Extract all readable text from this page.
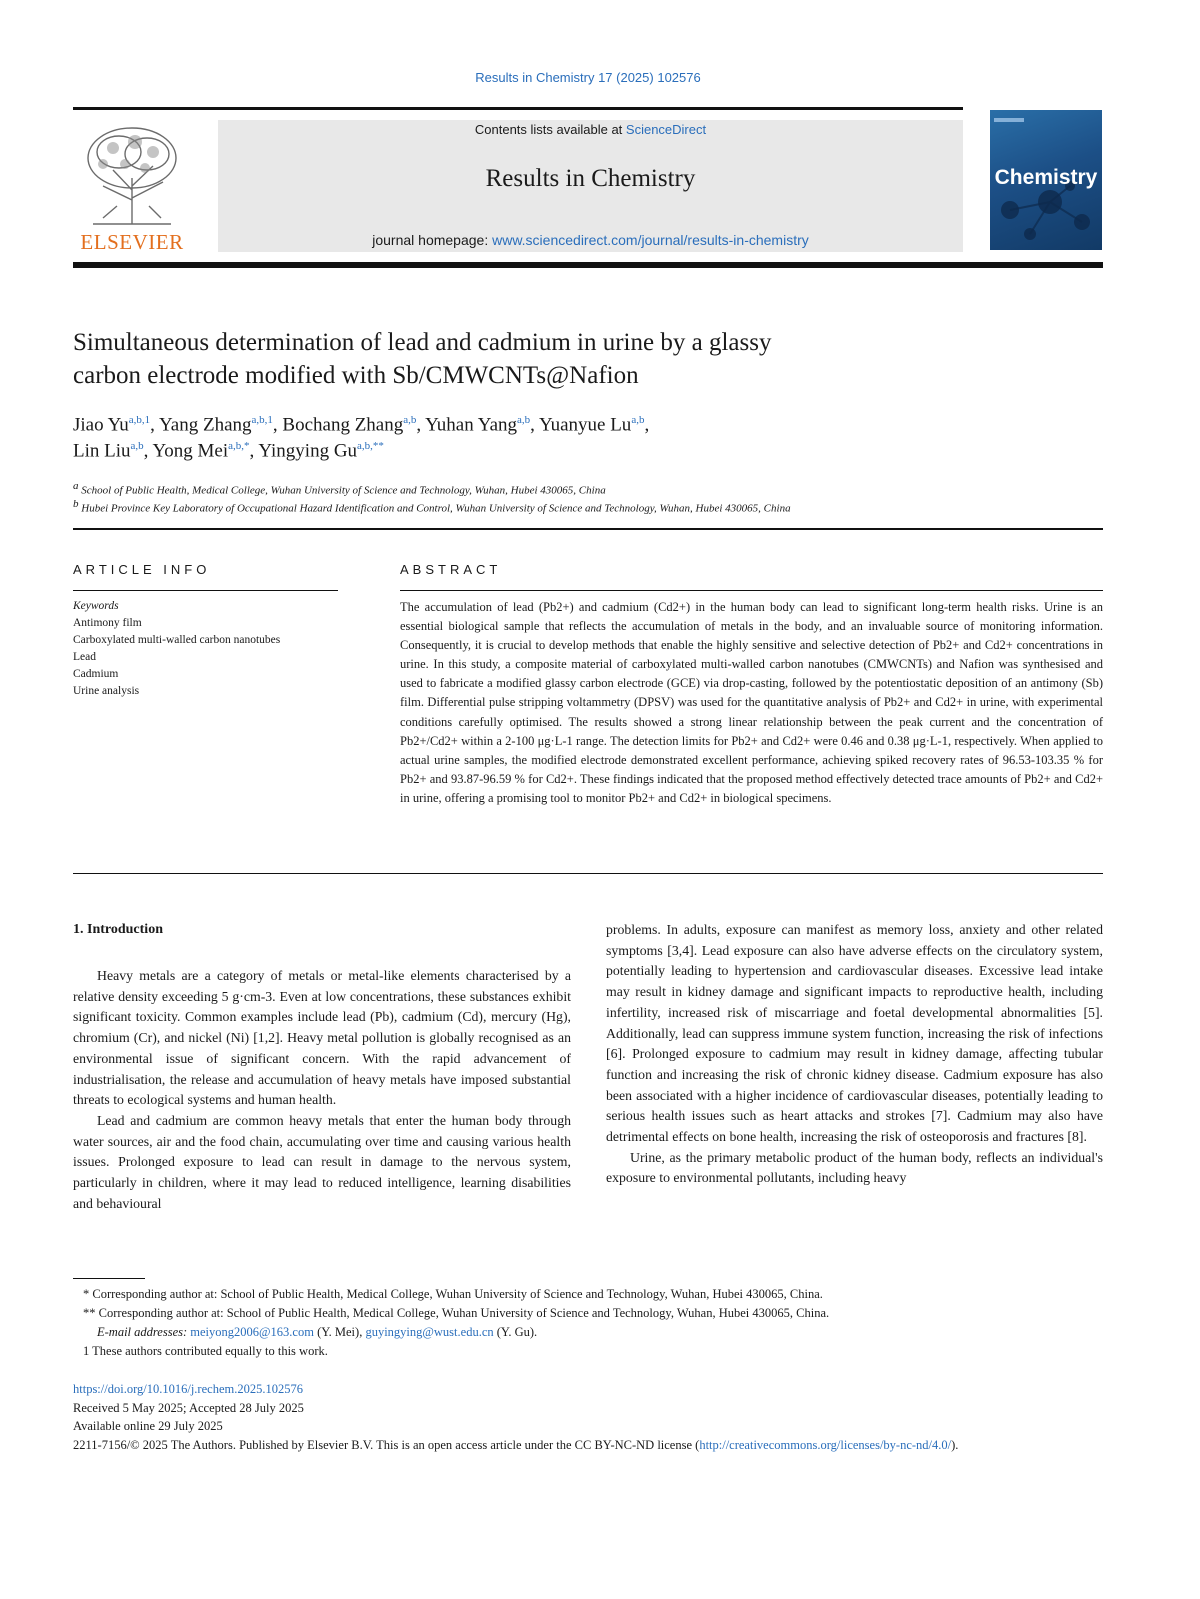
Results in Chemistry 17 (2025) 102576
ELSEVIER
Contents lists available at ScienceDirect
Results in Chemistry
journal homepage: www.sciencedirect.com/journal/results-in-chemistry
Chemistry
Simultaneous determination of lead and cadmium in urine by a glassy
carbon electrode modified with Sb/CMWCNTs@Nafion
Jiao Yu$^{a,b,1}$, Yang Zhang$^{a,b,1}$, Bochang Zhang$^{a,b}$, Yuhan Yang$^{a,b}$, Yuanyue Lu$^{a,b}$,
Lin Liu$^{a,b}$, Yong Mei$^{a,b,*}$, Yingying $Gu^{a,b,**}$
$^a$ School of Public Health, Medical College, Wuhan University of Science and Technology, Wuhan, Hubei 430065, China
$^b$ Hubei Province Key Laboratory of Occupational Hazard Identification and Control, Wuhan University of Science and Technology, Wuhan, Hubei 430065, China
ARTICLE INFO	ABSTRACT
Keywords
Antimony film
Carboxylated multi-walled carbon nanotubes
Lead
Cadmium
Urine analysis
The accumulation of lead (Pb2+) and cadmium (Cd2+) in the human body can lead to significant long-term health risks. Urine is an essential biological sample that reflects the accumulation of metals in the body, and an invaluable source of monitoring information. Consequently, it is crucial to develop methods that enable the highly sensitive and selective detection of Pb2+ and Cd2+ concentrations in urine. In this study, a composite material of carboxylated multi-walled carbon nanotubes (CMWCNTs) and Nafion was synthesised and used to fabricate a modified glassy carbon electrode (GCE) via drop-casting, followed by the potentiostatic deposition of an antimony (Sb) film. Differential pulse stripping voltammetry (DPSV) was used for the quantitative analysis of Pb2+ and Cd2+ in urine, with experimental conditions carefully optimised. The results showed a strong linear relationship between the peak current and the concentration of Pb2+/Cd2+ within a 2-100 μg·L-1 range. The detection limits for Pb2+ and Cd2+ were 0.46 and 0.38 μg·L-1, respectively. When applied to actual urine samples, the modified electrode demonstrated excellent performance, achieving spiked recovery rates of 96.53-103.35 % for Pb2+ and 93.87-96.59 % for Cd2+. These findings indicated that the proposed method effectively detected trace amounts of Pb2+ and Cd2+ in urine, offering a promising tool to monitor Pb2+ and Cd2+ in biological specimens.
1. Introduction

Heavy metals are a category of metals or metal-like elements characterised by a relative density exceeding 5 g·cm-3. Even at low concentrations, these substances exhibit significant toxicity. Common examples include lead (Pb), cadmium (Cd), mercury (Hg), chromium (Cr), and nickel (Ni) [1,2]. Heavy metal pollution is globally recognised as an environmental issue of significant concern. With the rapid advancement of industrialisation, the release and accumulation of heavy metals have imposed substantial threats to ecological systems and human health.

Lead and cadmium are common heavy metals that enter the human body through water sources, air and the food chain, accumulating over time and causing various health issues. Prolonged exposure to lead can result in damage to the nervous system, particularly in children, where it may lead to reduced intelligence, learning disabilities and behavioural

problems. In adults, exposure can manifest as memory loss, anxiety and other related symptoms [3,4]. Lead exposure can also have adverse effects on the circulatory system, potentially leading to hypertension and cardiovascular diseases. Excessive lead intake may result in kidney damage and significant impacts to reproductive health, including infertility, increased risk of miscarriage and foetal developmental abnormalities [5]. Additionally, lead can suppress immune system function, increasing the risk of infections [6]. Prolonged exposure to cadmium may result in kidney damage, affecting tubular function and increasing the risk of chronic kidney disease. Cadmium exposure has also been associated with a higher incidence of cardiovascular diseases, potentially leading to serious health issues such as heart attacks and strokes [7]. Cadmium may also have detrimental effects on bone health, increasing the risk of osteoporosis and fractures [8].

Urine, as the primary metabolic product of the human body, reflects an individual's exposure to environmental pollutants, including heavy

* Corresponding author at: School of Public Health, Medical College, Wuhan University of Science and Technology, Wuhan, Hubei 430065, China.
** Corresponding author at: School of Public Health, Medical College, Wuhan University of Science and Technology, Wuhan, Hubei 430065, China.
E-mail addresses: meiyong2006@163.com (Y. Mei), guyingying@wust.edu.cn (Y. Gu).
1 These authors contributed equally to this work.
https://doi.org/10.1016/j.rechem.2025.102576
Received 5 May 2025; Accepted 28 July 2025
Available online 29 July 2025
2211-7156/© 2025 The Authors. Published by Elsevier B.V. This is an open access article under the CC BY-NC-ND license (http://creativecommons.org/licenses/by-nc-nd/4.0/).
